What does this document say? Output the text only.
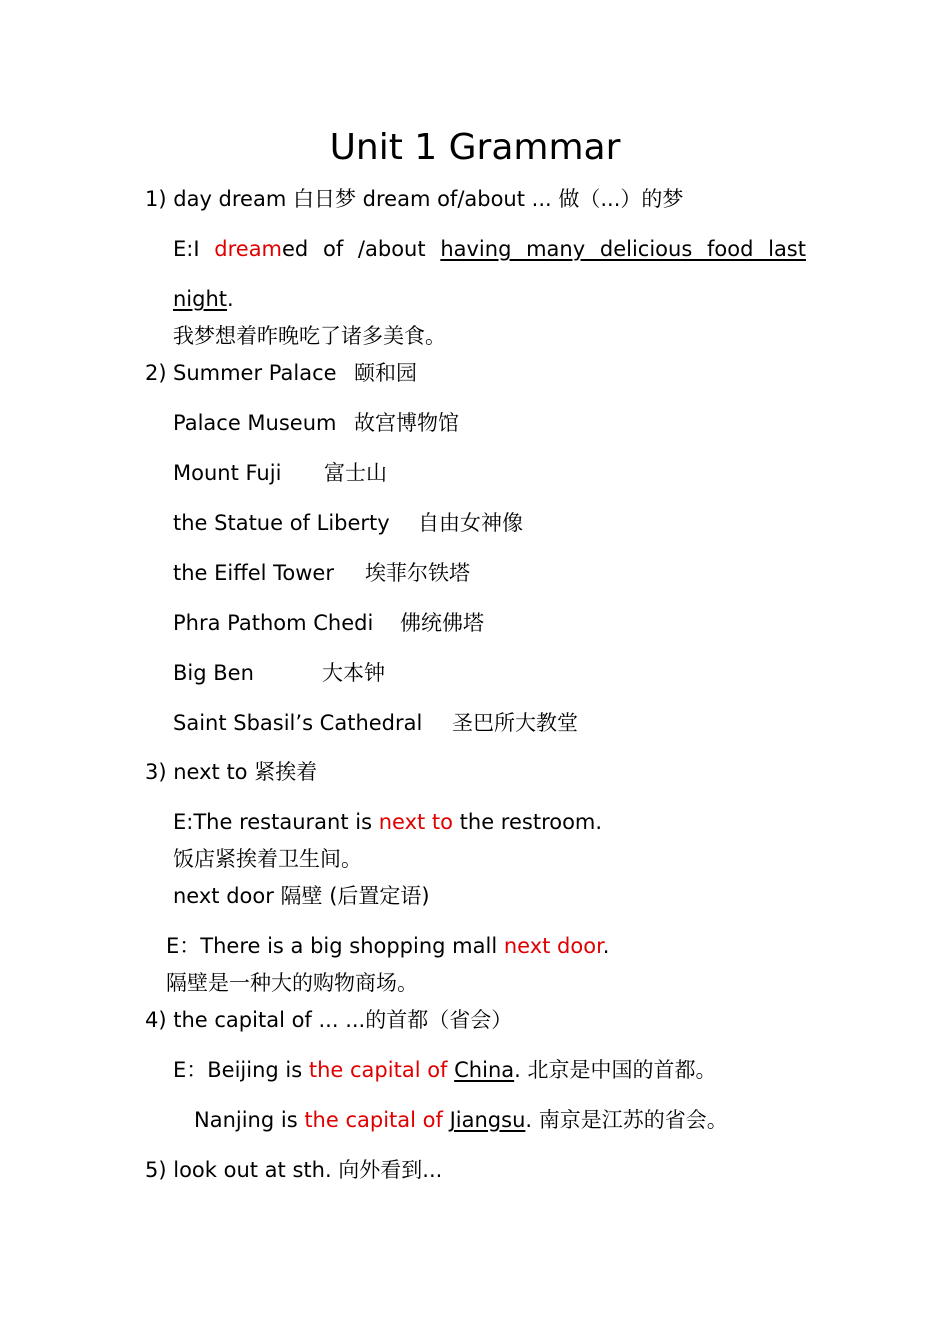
Unit 1 Grammar
1) day dream 白日梦 dream of/about ... 做（...）的梦
E:I dreamed of /about having many delicious food last
night.
我梦想着昨晚吃了诸多美食。
2) Summer Palace 颐和园
Palace Museum 故宫博物馆
Mount Fuji 富士山
the Statue of Liberty 自由女神像
the Eiffel Tower 埃菲尔铁塔
Phra Pathom Chedi 佛统佛塔
Big Ben	大本钟
Saint Sbasil’s Cathedral 圣巴所大教堂
3) next to 紧挨着
E:The restaurant is next to the restroom.
饭店紧挨着卫生间。
next door 隔壁 (后置定语)
E：There is a big shopping mall next door.
隔壁是一种大的购物商场。
4) the capital of ... ...的首都（省会）
E：Beijing is the capital of China. 北京是中国的首都。
Nanjing is the capital of Jiangsu. 南京是江苏的省会。
5) look out at sth. 向外看到...
